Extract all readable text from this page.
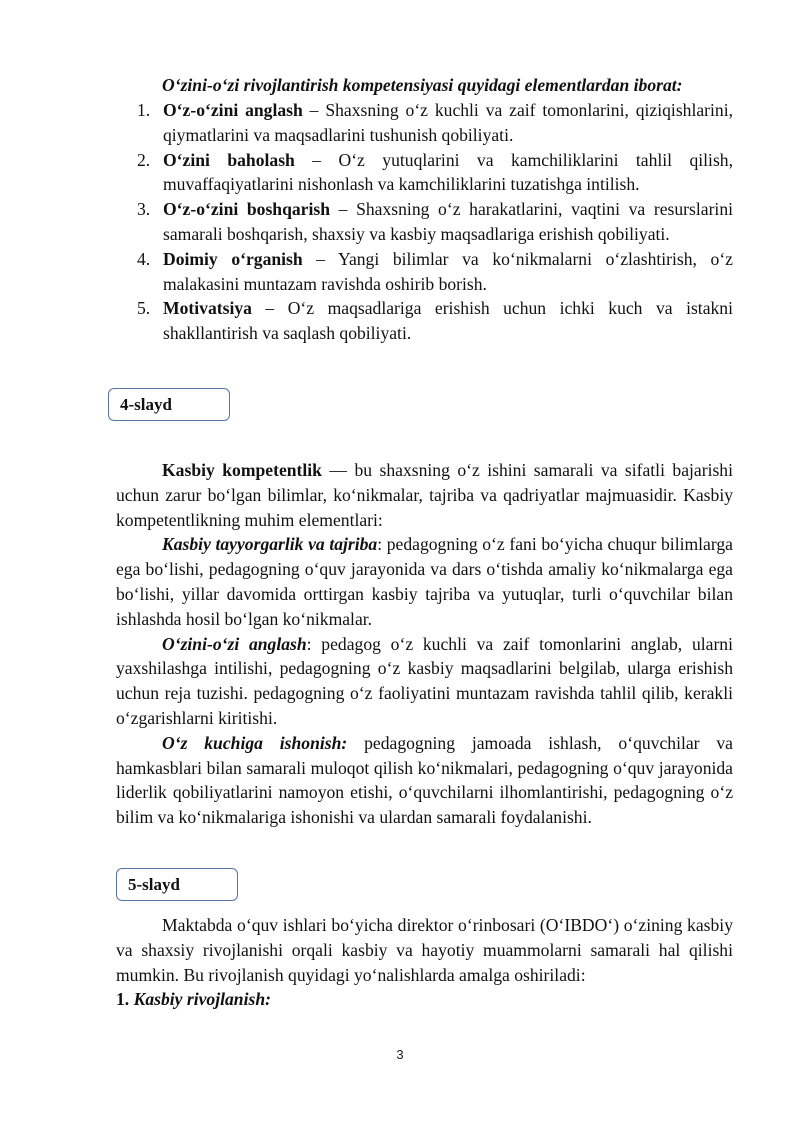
O‘zini-o‘zi rivojlantirish kompetensiyasi quyidagi elementlardan iborat:

1. O‘z-o‘zini anglash – Shaxsning o‘z kuchli va zaif tomonlarini, qiziqishlarini, qiymatlarini va maqsadlarini tushunish qobiliyati.
2. O‘zini baholash – O‘z yutuqlarini va kamchiliklarini tahlil qilish, muvaffaqiyatlarini nishonlash va kamchiliklarini tuzatishga intilish.
3. O‘z-o‘zini boshqarish – Shaxsning o‘z harakatlarini, vaqtini va resurslarini samarali boshqarish, shaxsiy va kasbiy maqsadlariga erishish qobiliyati.
4. Doimiy o‘rganish – Yangi bilimlar va ko‘nikmalarni o‘zlashtirish, o‘z malakasini muntazam ravishda oshirib borish.
5. Motivatsiya – O‘z maqsadlariga erishish uchun ichki kuch va istakni shakllantirish va saqlash qobiliyati.
4-slayd

Kasbiy kompetentlik — bu shaxsning o‘z ishini samarali va sifatli bajarishi uchun zarur bo‘lgan bilimlar, ko‘nikmalar, tajriba va qadriyatlar majmuasidir. Kasbiy kompetentlikning muhim elementlari:

Kasbiy tayyorgarlik va tajriba: pedagogning o‘z fani bo‘yicha chuqur bilimlarga ega bo‘lishi, pedagogning o‘quv jarayonida va dars o‘tishda amaliy ko‘nikmalarga ega bo‘lishi, yillar davomida orttirgan kasbiy tajriba va yutuqlar, turli o‘quvchilar bilan ishlashda hosil bo‘lgan ko‘nikmalar.

O‘zini-o‘zi anglash: pedagog o‘z kuchli va zaif tomonlarini anglab, ularni yaxshilashga intilishi, pedagogning o‘z kasbiy maqsadlarini belgilab, ularga erishish uchun reja tuzishi. pedagogning o‘z faoliyatini muntazam ravishda tahlil qilib, kerakli o‘zgarishlarni kiritishi.

O‘z kuchiga ishonish: pedagogning jamoada ishlash, o‘quvchilar va hamkasblari bilan samarali muloqot qilish ko‘nikmalari, pedagogning o‘quv jarayonida liderlik qobiliyatlarini namoyon etishi, o‘quvchilarni ilhomlantirishi, pedagogning o‘z bilim va ko‘nikmalariga ishonishi va ulardan samarali foydalanishi.

5-slayd

Maktabda o‘quv ishlari bo‘yicha direktor o‘rinbosari (O‘IBDO‘) o‘zining kasbiy va shaxsiy rivojlanishi orqali kasbiy va hayotiy muammolarni samarali hal qilishi mumkin. Bu rivojlanish quyidagi yo‘nalishlarda amalga oshiriladi:

1. Kasbiy rivojlanish:

3
